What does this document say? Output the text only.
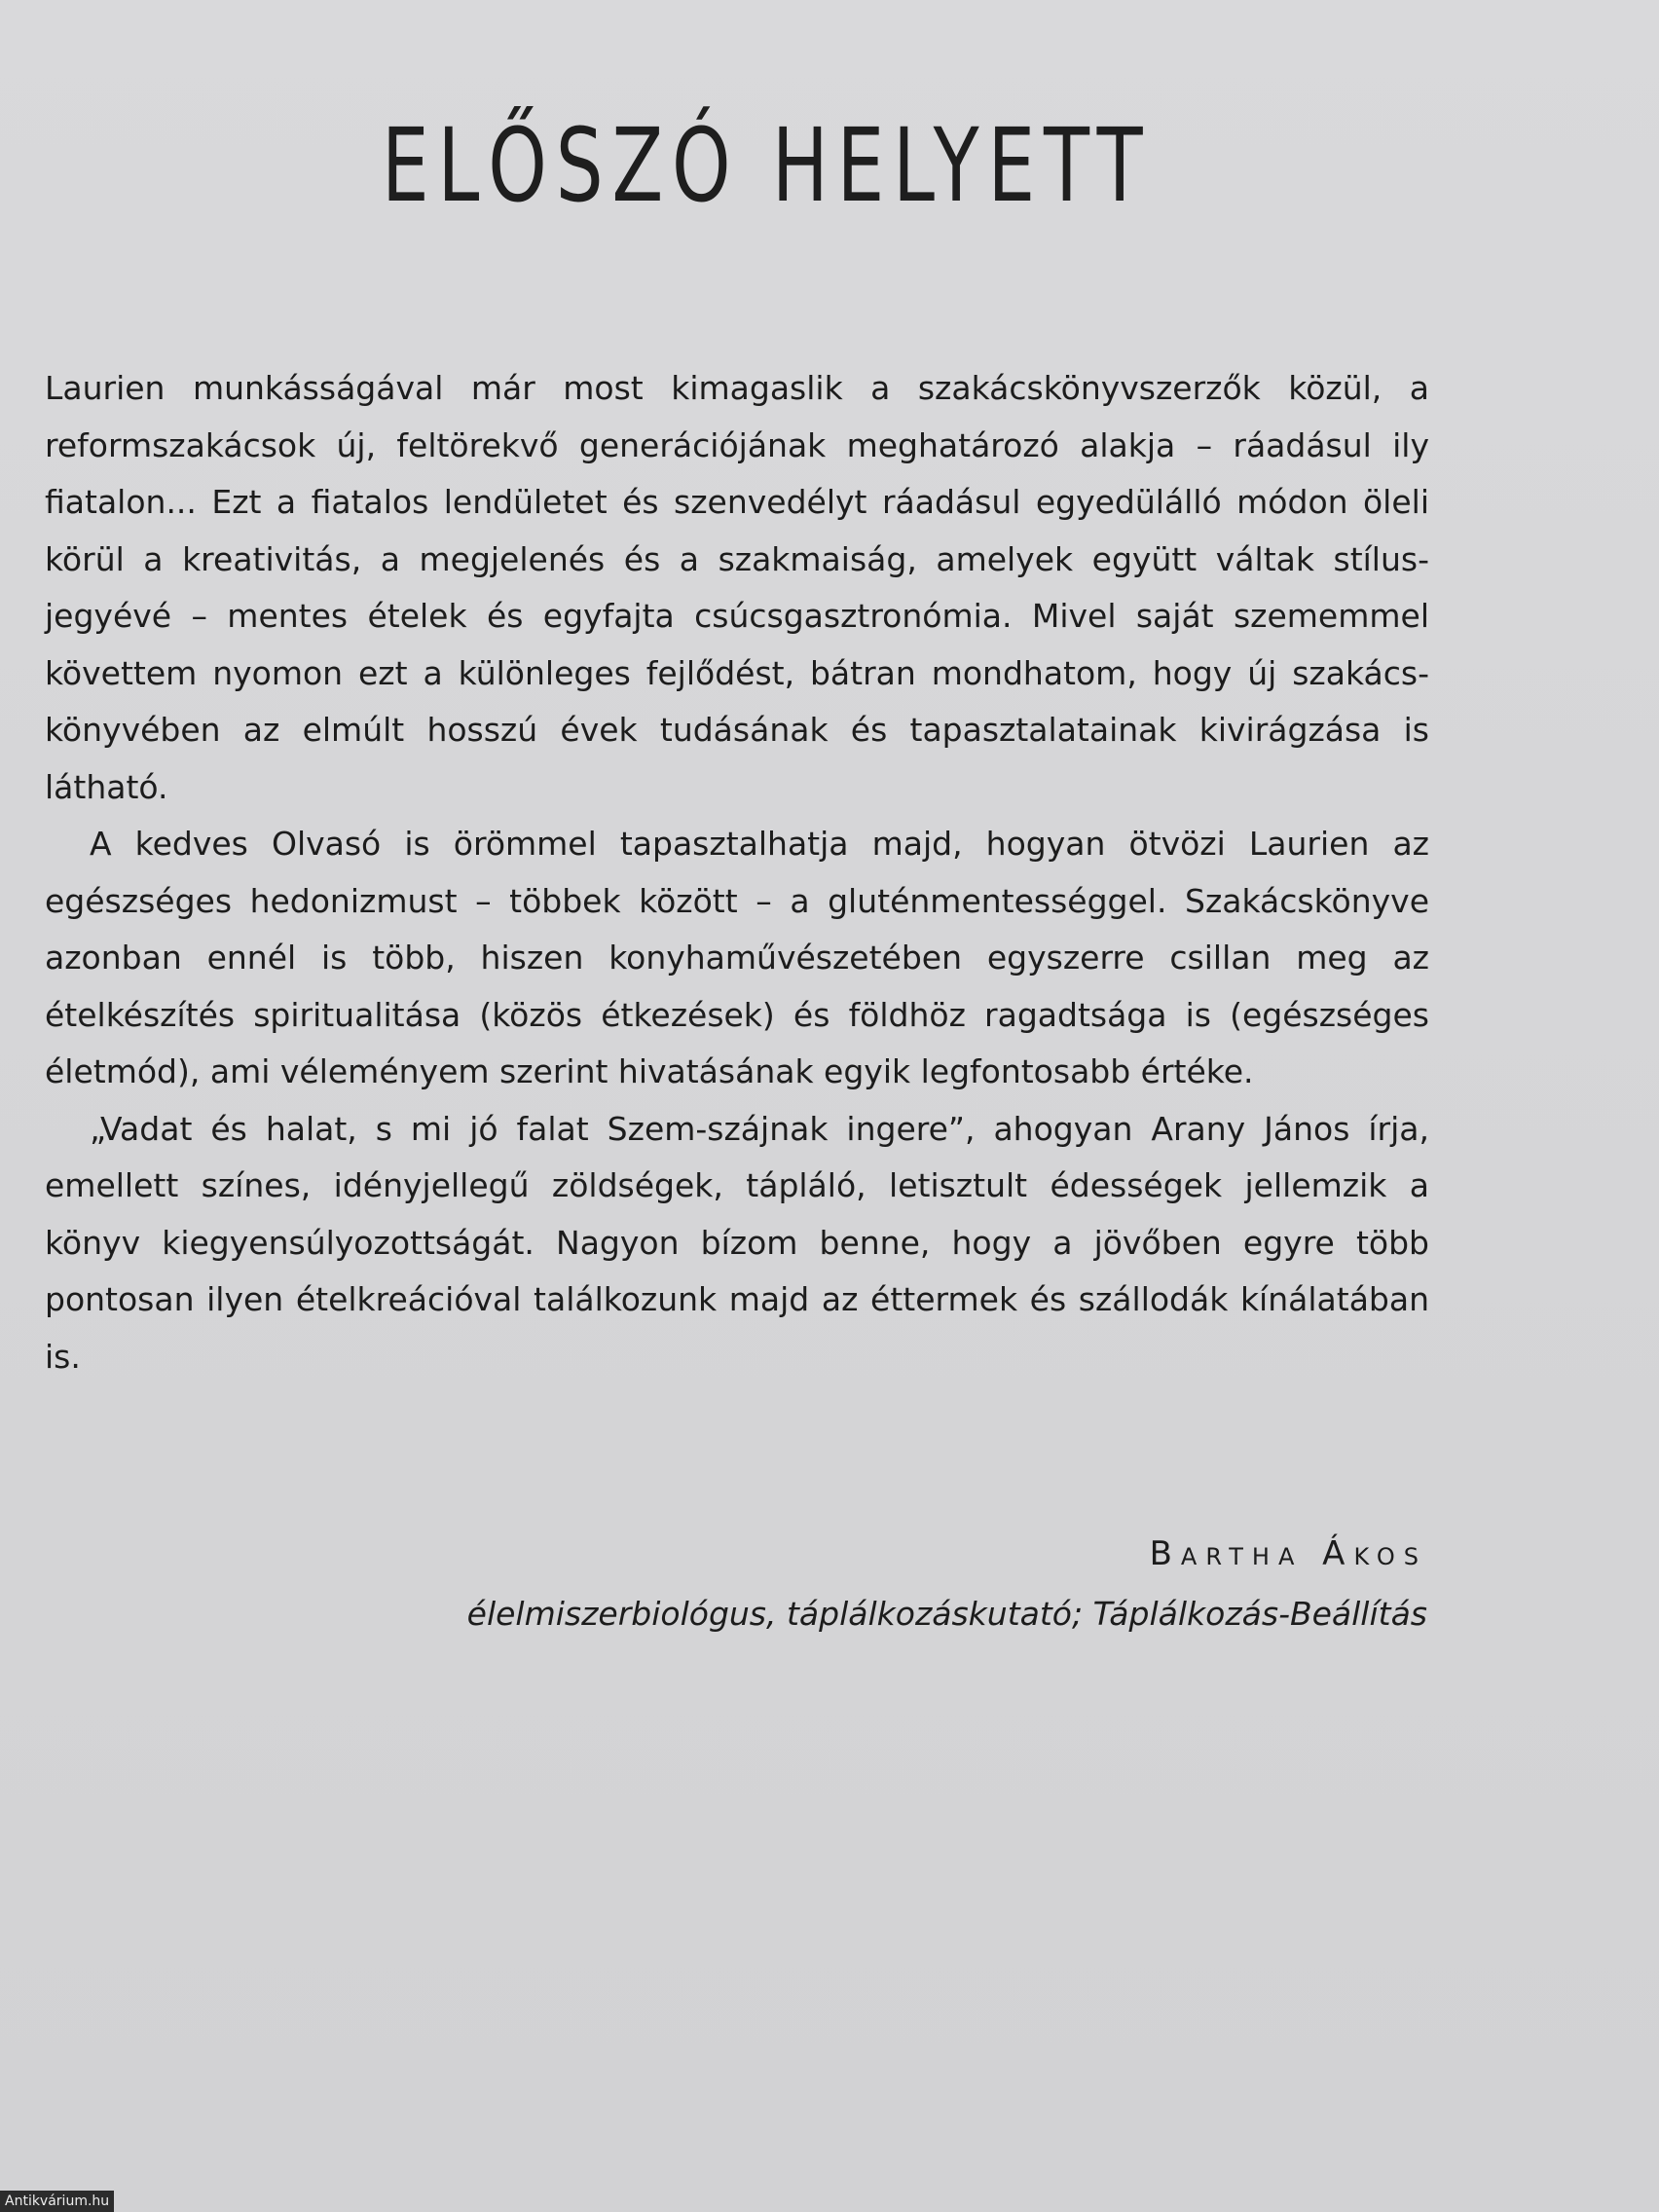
ELŐSZÓ HELYETT

Laurien munkásságával már most kimagaslik a szakácskönyvszerzők közül, a reformszakácsok új, feltörekvő generációjának meghatározó alakja – ráadásul ily fiatalon... Ezt a fiatalos lendületet és szenvedélyt ráadásul egyedülálló módon öleli körül a kreativitás, a megjelenés és a szakmaiság, amelyek együtt váltak stílusjegyévé – mentes ételek és egyfajta csúcsgasztronómia. Mivel saját szememmel követtem nyomon ezt a különleges fejlődést, bátran mondhatom, hogy új szakácskönyvében az elmúlt hosszú évek tudásának és tapasztalatainak kivirágzása is látható.

A kedves Olvasó is örömmel tapasztalhatja majd, hogyan ötvözi Laurien az egészséges hedonizmust – többek között – a gluténmentességgel. Szakácskönyve azonban ennél is több, hiszen konyhaművészetében egyszerre csillan meg az ételkészítés spiritualitása (közös étkezések) és földhöz ragadtsága is (egészséges életmód), ami véleményem szerint hivatásának egyik legfontosabb értéke.

„Vadat és halat, s mi jó falat Szem-szájnak ingere”, ahogyan Arany János írja, emellett színes, idényjellegű zöldségek, tápláló, letisztult édességek jellemzik a könyv kiegyensúlyozottságát. Nagyon bízom benne, hogy a jövőben egyre több pontosan ilyen ételkreációval találkozunk majd az éttermek és szállodák kínálatában is.

Bartha Ákos

élelmiszerbiológus, táplálkozáskutató; Táplálkozás-Beállítás

Antikvárium.hu
